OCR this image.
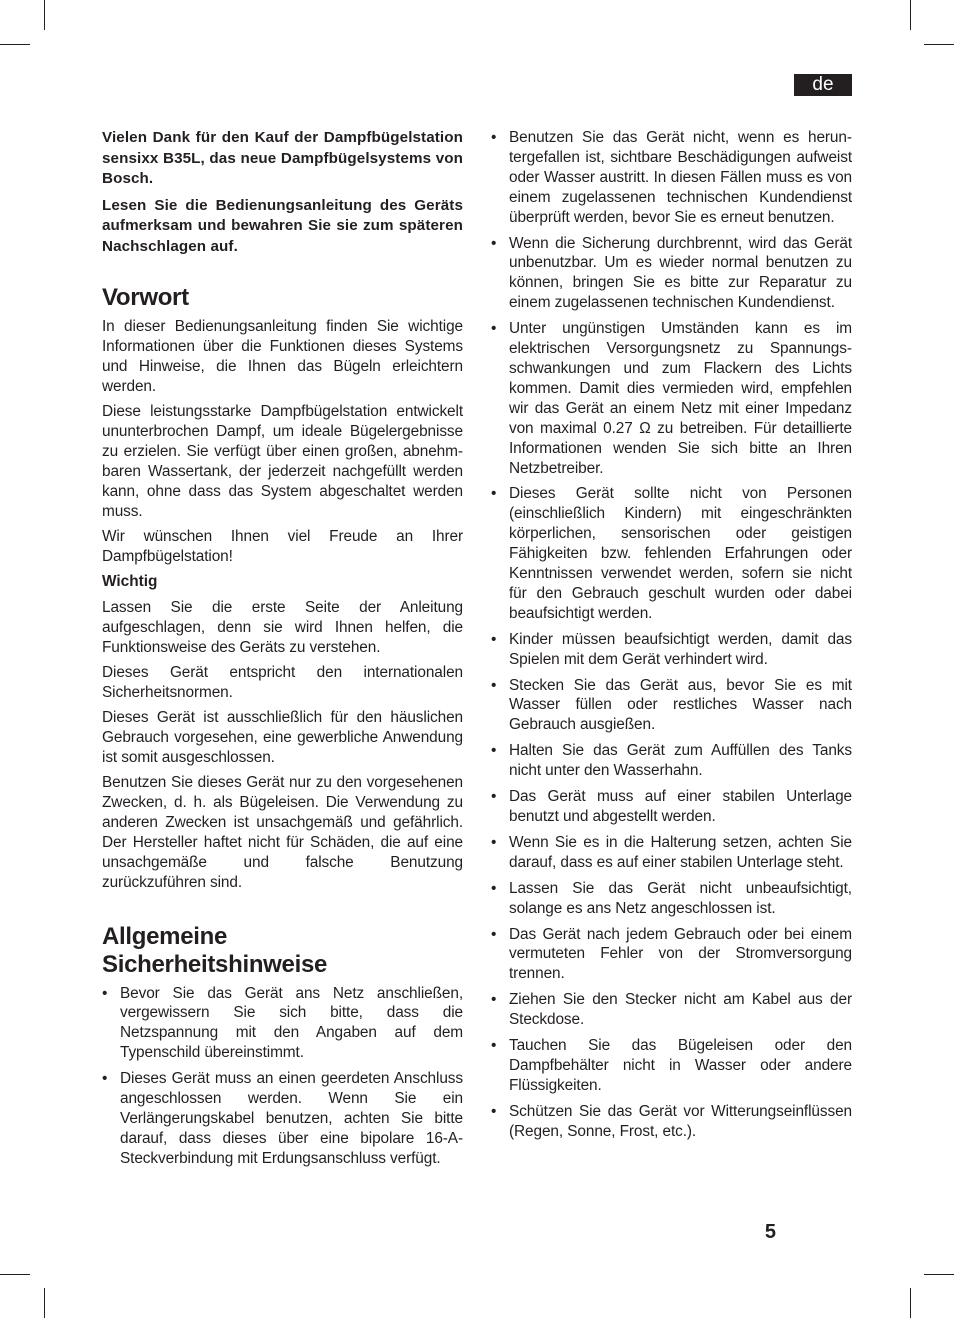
de

Vielen Dank für den Kauf der Dampfbügelstation sensixx B35L, das neue Dampfbügelsystems von Bosch.

Lesen Sie die Bedienungsanleitung des Geräts aufmerksam und bewahren Sie sie zum späteren Nachschlagen auf.

Vorwort

In dieser Bedienungsanleitung finden Sie wichtige Informationen über die Funktionen dieses Systems und Hinweise, die Ihnen das Bügeln erleichtern werden.

Diese leistungsstarke Dampfbügelstation entwickelt ununterbrochen Dampf, um ideale Bügelergebnisse zu erzielen. Sie verfügt über einen großen, abnehmbaren Wassertank, der jederzeit nachgefüllt werden kann, ohne dass das System abgeschaltet werden muss.

Wir wünschen Ihnen viel Freude an Ihrer Dampfbügelstation!

Wichtig

Lassen Sie die erste Seite der Anleitung aufgeschlagen, denn sie wird Ihnen helfen, die Funktionsweise des Geräts zu verstehen.

Dieses Gerät entspricht den internationalen Sicherheitsnormen.

Dieses Gerät ist ausschließlich für den häuslichen Gebrauch vorgesehen, eine gewerbliche Anwendung ist somit ausgeschlossen.

Benutzen Sie dieses Gerät nur zu den vorgesehenen Zwecken, d. h. als Bügeleisen. Die Verwendung zu anderen Zwecken ist unsachgemäß und gefährlich. Der Hersteller haftet nicht für Schäden, die auf eine unsachgemäße und falsche Benutzung zurückzuführen sind.

Allgemeine
Sicherheitshinweise
• Bevor Sie das Gerät ans Netz anschließen, vergewissern Sie sich bitte, dass die Netzspannung mit den Angaben auf dem Typenschild übereinstimmt.
• Dieses Gerät muss an einen geerdeten Anschluss angeschlossen werden. Wenn Sie ein Verlängerungskabel benutzen, achten Sie bitte darauf, dass dieses über eine bipolare 16-A-Steckverbindung mit Erdungsanschluss verfügt.
• Benutzen Sie das Gerät nicht, wenn es heruntergefallen ist, sichtbare Beschädigungen aufweist oder Wasser austritt. In diesen Fällen muss es von einem zugelassenen technischen Kundendienst überprüft werden, bevor Sie es erneut benutzen.
• Wenn die Sicherung durchbrennt, wird das Gerät unbenutzbar. Um es wieder normal benutzen zu können, bringen Sie es bitte zur Reparatur zu einem zugelassenen technischen Kundendienst.
• Unter ungünstigen Umständen kann es im elektrischen Versorgungsnetz zu Spannungsschwankungen und zum Flackern des Lichts kommen. Damit dies vermieden wird, empfehlen wir das Gerät an einem Netz mit einer Impedanz von maximal 0.27 Ω zu betreiben. Für detaillierte Informationen wenden Sie sich bitte an Ihren Netzbetreiber.
• Dieses Gerät sollte nicht von Personen (einschließlich Kindern) mit eingeschränkten körperlichen, sensorischen oder geistigen Fähigkeiten bzw. fehlenden Erfahrungen oder Kenntnissen verwendet werden, sofern sie nicht für den Gebrauch geschult wurden oder dabei beaufsichtigt werden.
• Kinder müssen beaufsichtigt werden, damit das Spielen mit dem Gerät verhindert wird.
• Stecken Sie das Gerät aus, bevor Sie es mit Wasser füllen oder restliches Wasser nach Gebrauch ausgießen.
• Halten Sie das Gerät zum Auffüllen des Tanks nicht unter den Wasserhahn.
• Das Gerät muss auf einer stabilen Unterlage benutzt und abgestellt werden.
• Wenn Sie es in die Halterung setzen, achten Sie darauf, dass es auf einer stabilen Unterlage steht.
• Lassen Sie das Gerät nicht unbeaufsichtigt, solange es ans Netz angeschlossen ist.
• Das Gerät nach jedem Gebrauch oder bei einem vermuteten Fehler von der Stromversorgung trennen.
• Ziehen Sie den Stecker nicht am Kabel aus der Steckdose.
• Tauchen Sie das Bügeleisen oder den Dampfbehälter nicht in Wasser oder andere Flüssigkeiten.
• Schützen Sie das Gerät vor Witterungseinflüssen (Regen, Sonne, Frost, etc.).
5
